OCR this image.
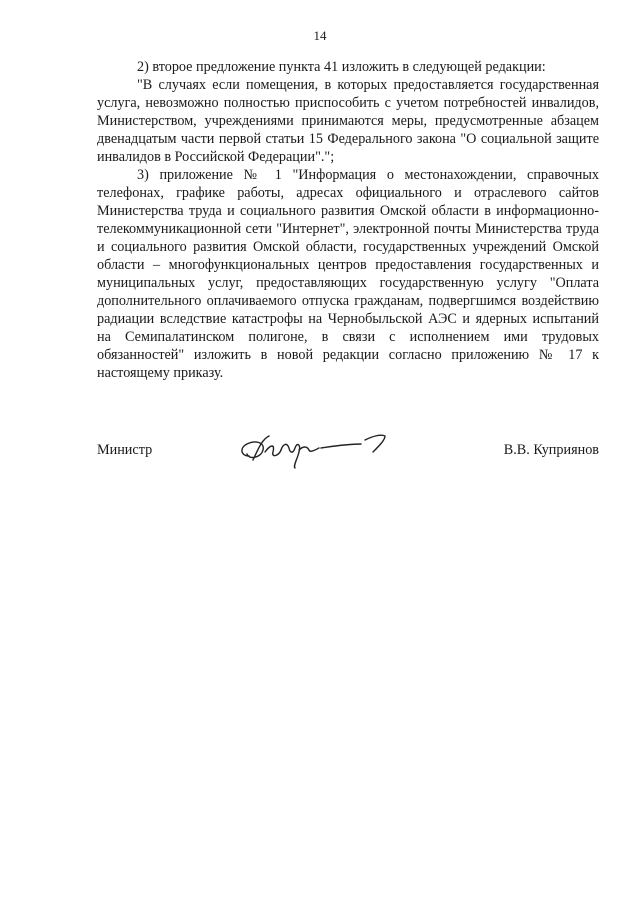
14

2) второе предложение пункта 41 изложить в следующей редакции:

"В случаях если помещения, в которых предоставляется государственная услуга, невозможно полностью приспособить с учетом потребностей инвалидов, Министерством, учреждениями принимаются меры, предусмотренные абзацем двенадцатым части первой статьи 15 Федерального закона "О социальной защите инвалидов в Российской Федерации".";

3) приложение № 1 "Информация о местонахождении, справочных телефонах, графике работы, адресах официального и отраслевого сайтов Министерства труда и социального развития Омской области в информационно-телекоммуникационной сети "Интернет", электронной почты Министерства труда и социального развития Омской области, государственных учреждений Омской области – многофункциональных центров предоставления государственных и муниципальных услуг, предоставляющих государственную услугу "Оплата дополнительного оплачиваемого отпуска гражданам, подвергшимся воздействию радиации вследствие катастрофы на Чернобыльской АЭС и ядерных испытаний на Семипалатинском полигоне, в связи с исполнением ими трудовых обязанностей" изложить в новой редакции согласно приложению № 17 к настоящему приказу.

Министр	В.В. Куприянов
